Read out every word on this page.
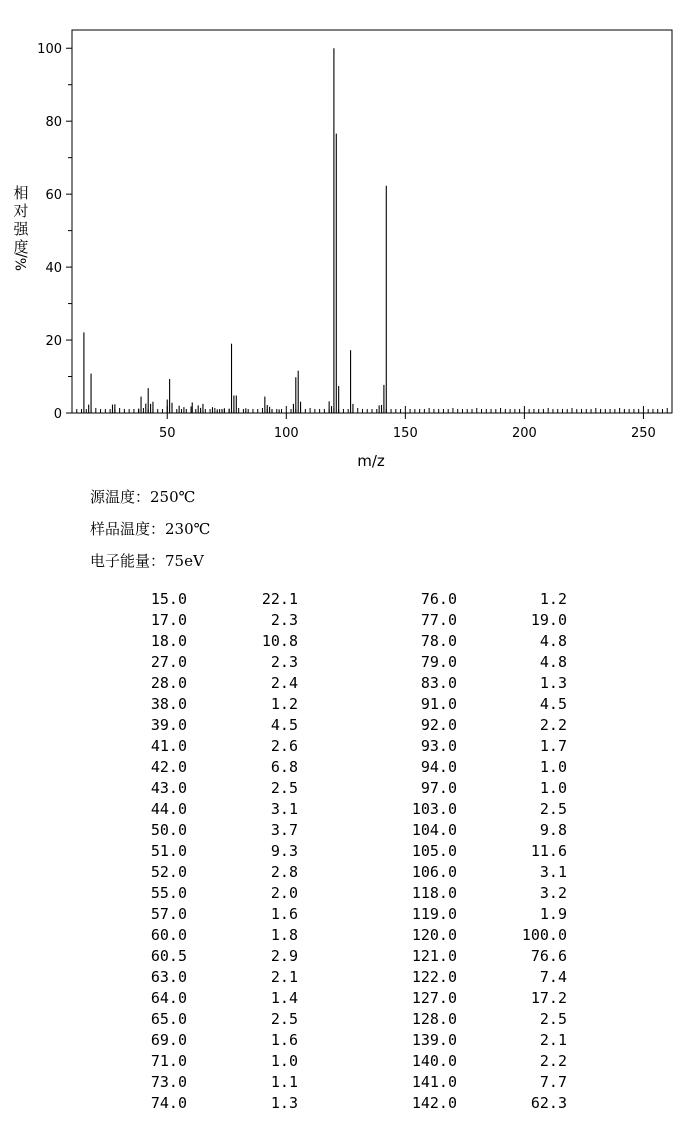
50	100	150	200	250
0
20
40
60
80
100
m/z
相
对
强
度
%/
源温度：250℃
样品温度：230℃
电子能量：75eV
15.0	22.1	76.0	1.2
17.0	2.3	77.0	19.0
18.0	10.8	78.0	4.8
27.0	2.3	79.0	4.8
28.0	2.4	83.0	1.3
38.0	1.2	91.0	4.5
39.0	4.5	92.0	2.2
41.0	2.6	93.0	1.7
42.0	6.8	94.0	1.0
43.0	2.5	97.0	1.0
44.0	3.1	103.0	2.5
50.0	3.7	104.0	9.8
51.0	9.3	105.0	11.6
52.0	2.8	106.0	3.1
55.0	2.0	118.0	3.2
57.0	1.6	119.0	1.9
60.0	1.8	120.0	100.0
60.5	2.9	121.0	76.6
63.0	2.1	122.0	7.4
64.0	1.4	127.0	17.2
65.0	2.5	128.0	2.5
69.0	1.6	139.0	2.1
71.0	1.0	140.0	2.2
73.0	1.1	141.0	7.7
74.0	1.3	142.0	62.3
